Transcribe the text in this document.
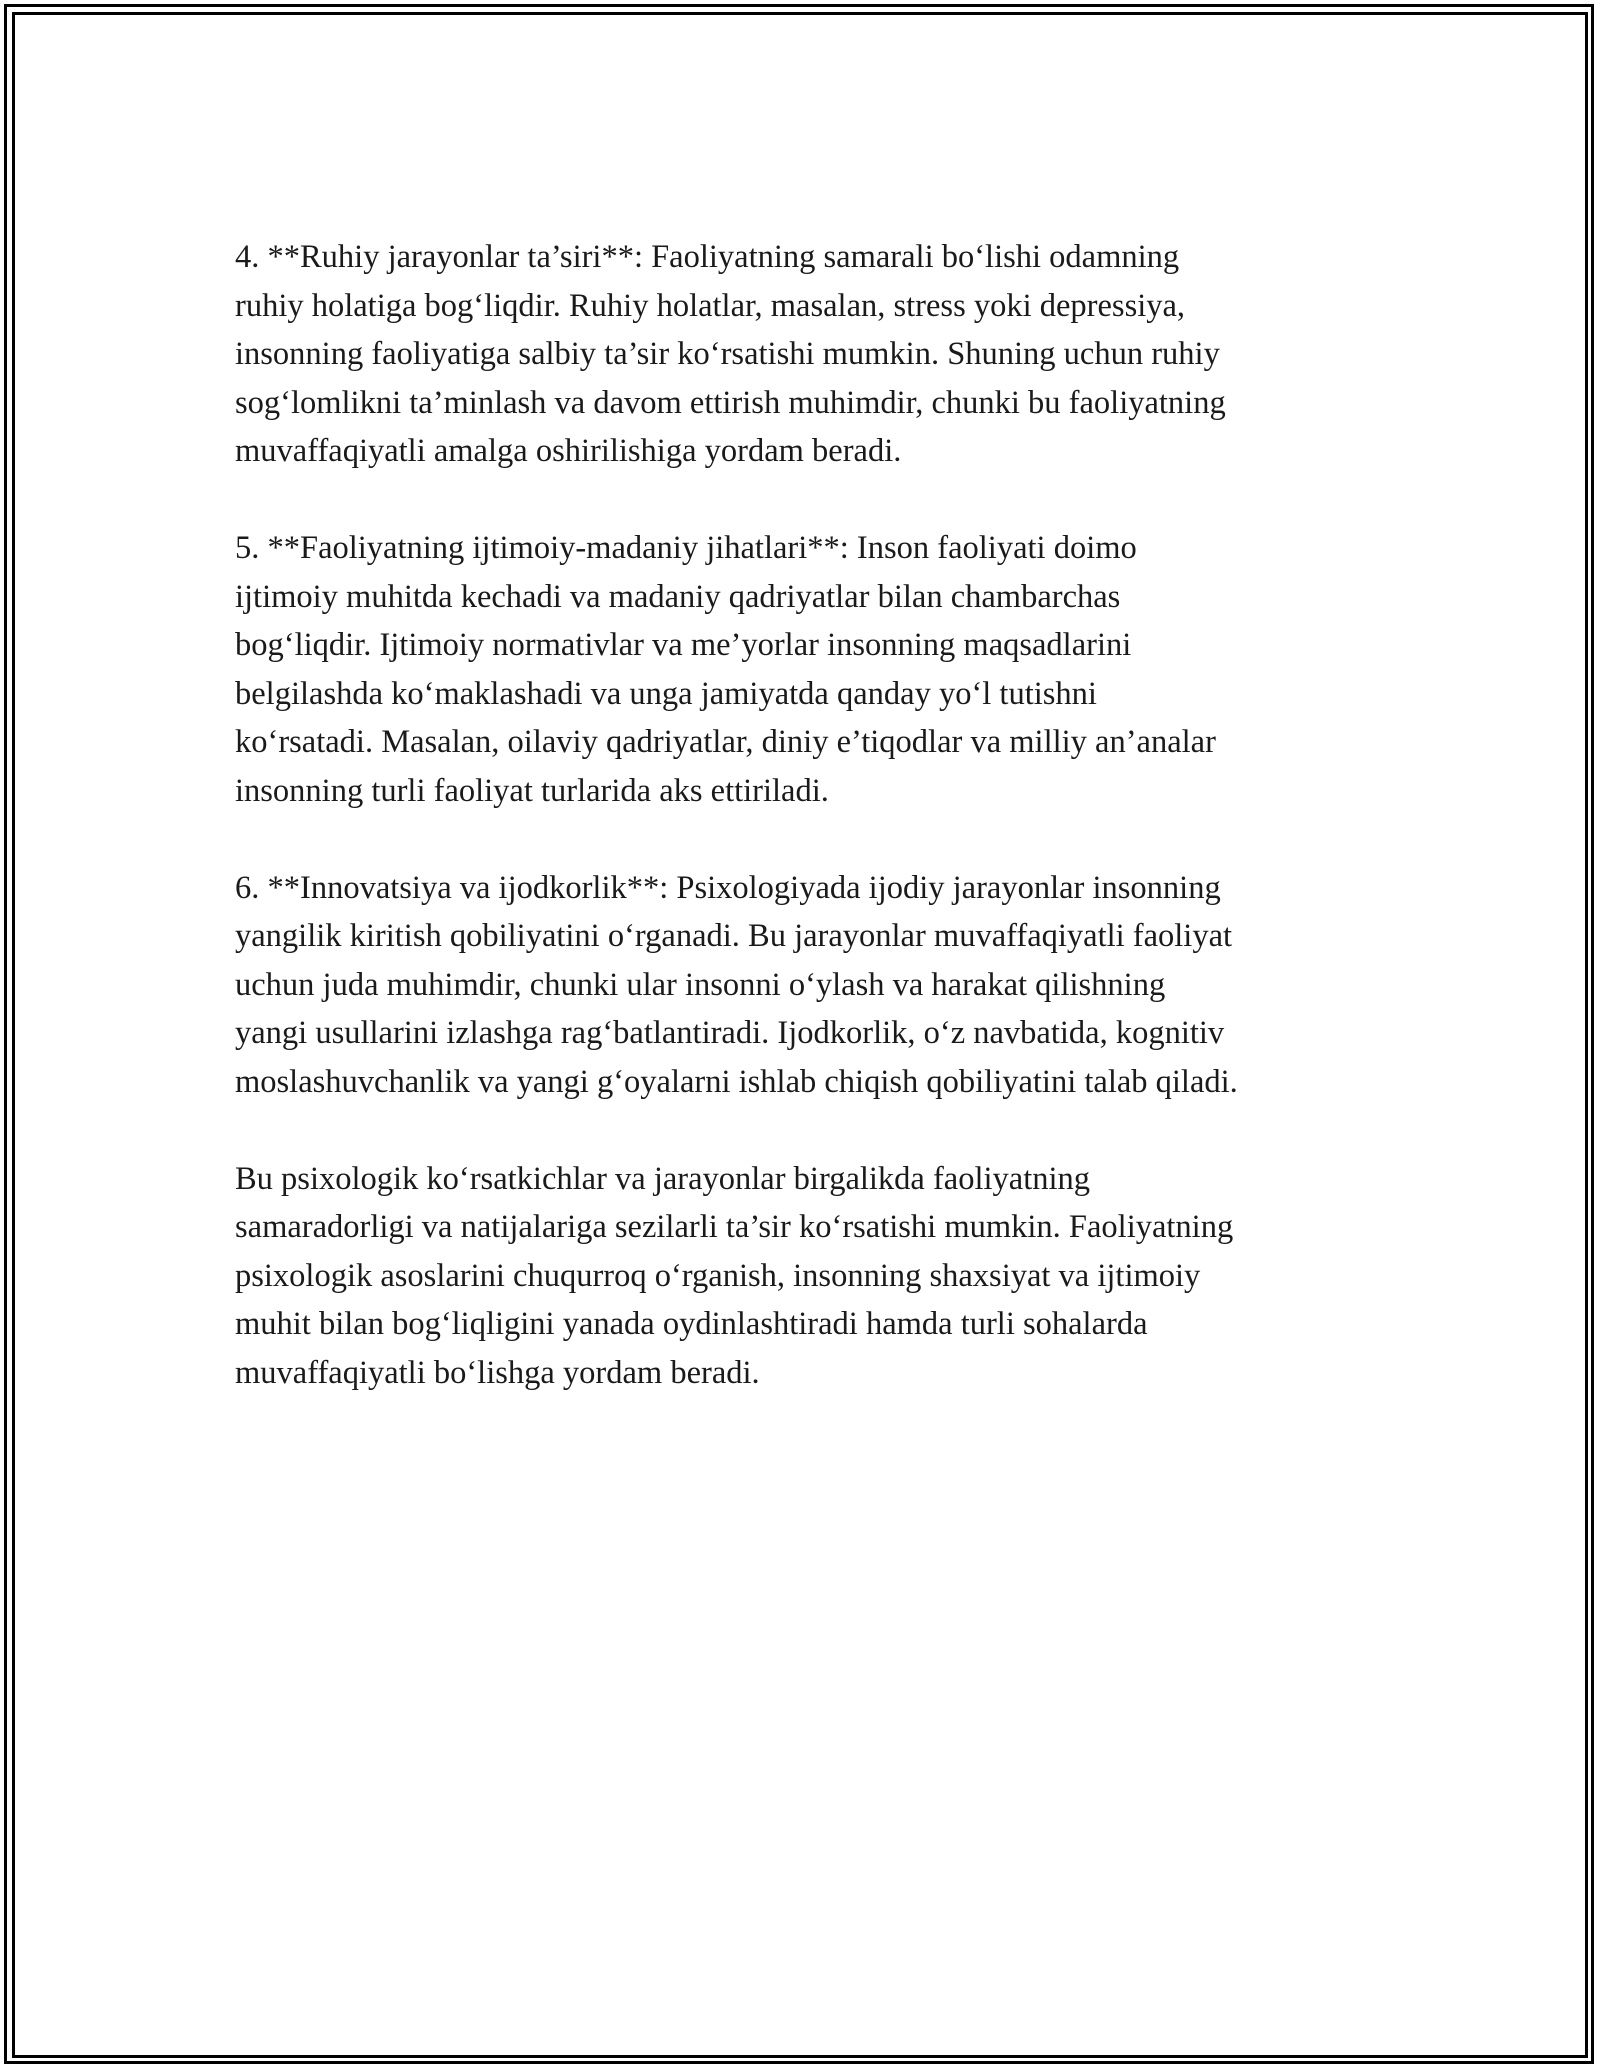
4. **Ruhiy jarayonlar ta’siri**: Faoliyatning samarali bo‘lishi odamning
ruhiy holatiga bog‘liqdir. Ruhiy holatlar, masalan, stress yoki depressiya,
insonning faoliyatiga salbiy ta’sir ko‘rsatishi mumkin. Shuning uchun ruhiy
sog‘lomlikni ta’minlash va davom ettirish muhimdir, chunki bu faoliyatning
muvaffaqiyatli amalga oshirilishiga yordam beradi.

5. **Faoliyatning ijtimoiy-madaniy jihatlari**: Inson faoliyati doimo
ijtimoiy muhitda kechadi va madaniy qadriyatlar bilan chambarchas
bog‘liqdir. Ijtimoiy normativlar va me’yorlar insonning maqsadlarini
belgilashda ko‘maklashadi va unga jamiyatda qanday yo‘l tutishni
ko‘rsatadi. Masalan, oilaviy qadriyatlar, diniy e’tiqodlar va milliy an’analar
insonning turli faoliyat turlarida aks ettiriladi.

6. **Innovatsiya va ijodkorlik**: Psixologiyada ijodiy jarayonlar insonning
yangilik kiritish qobiliyatini o‘rganadi. Bu jarayonlar muvaffaqiyatli faoliyat
uchun juda muhimdir, chunki ular insonni o‘ylash va harakat qilishning
yangi usullarini izlashga rag‘batlantiradi. Ijodkorlik, o‘z navbatida, kognitiv
moslashuvchanlik va yangi g‘oyalarni ishlab chiqish qobiliyatini talab qiladi.

Bu psixologik ko‘rsatkichlar va jarayonlar birgalikda faoliyatning
samaradorligi va natijalariga sezilarli ta’sir ko‘rsatishi mumkin. Faoliyatning
psixologik asoslarini chuqurroq o‘rganish, insonning shaxsiyat va ijtimoiy
muhit bilan bog‘liqligini yanada oydinlashtiradi hamda turli sohalarda
muvaffaqiyatli bo‘lishga yordam beradi.
